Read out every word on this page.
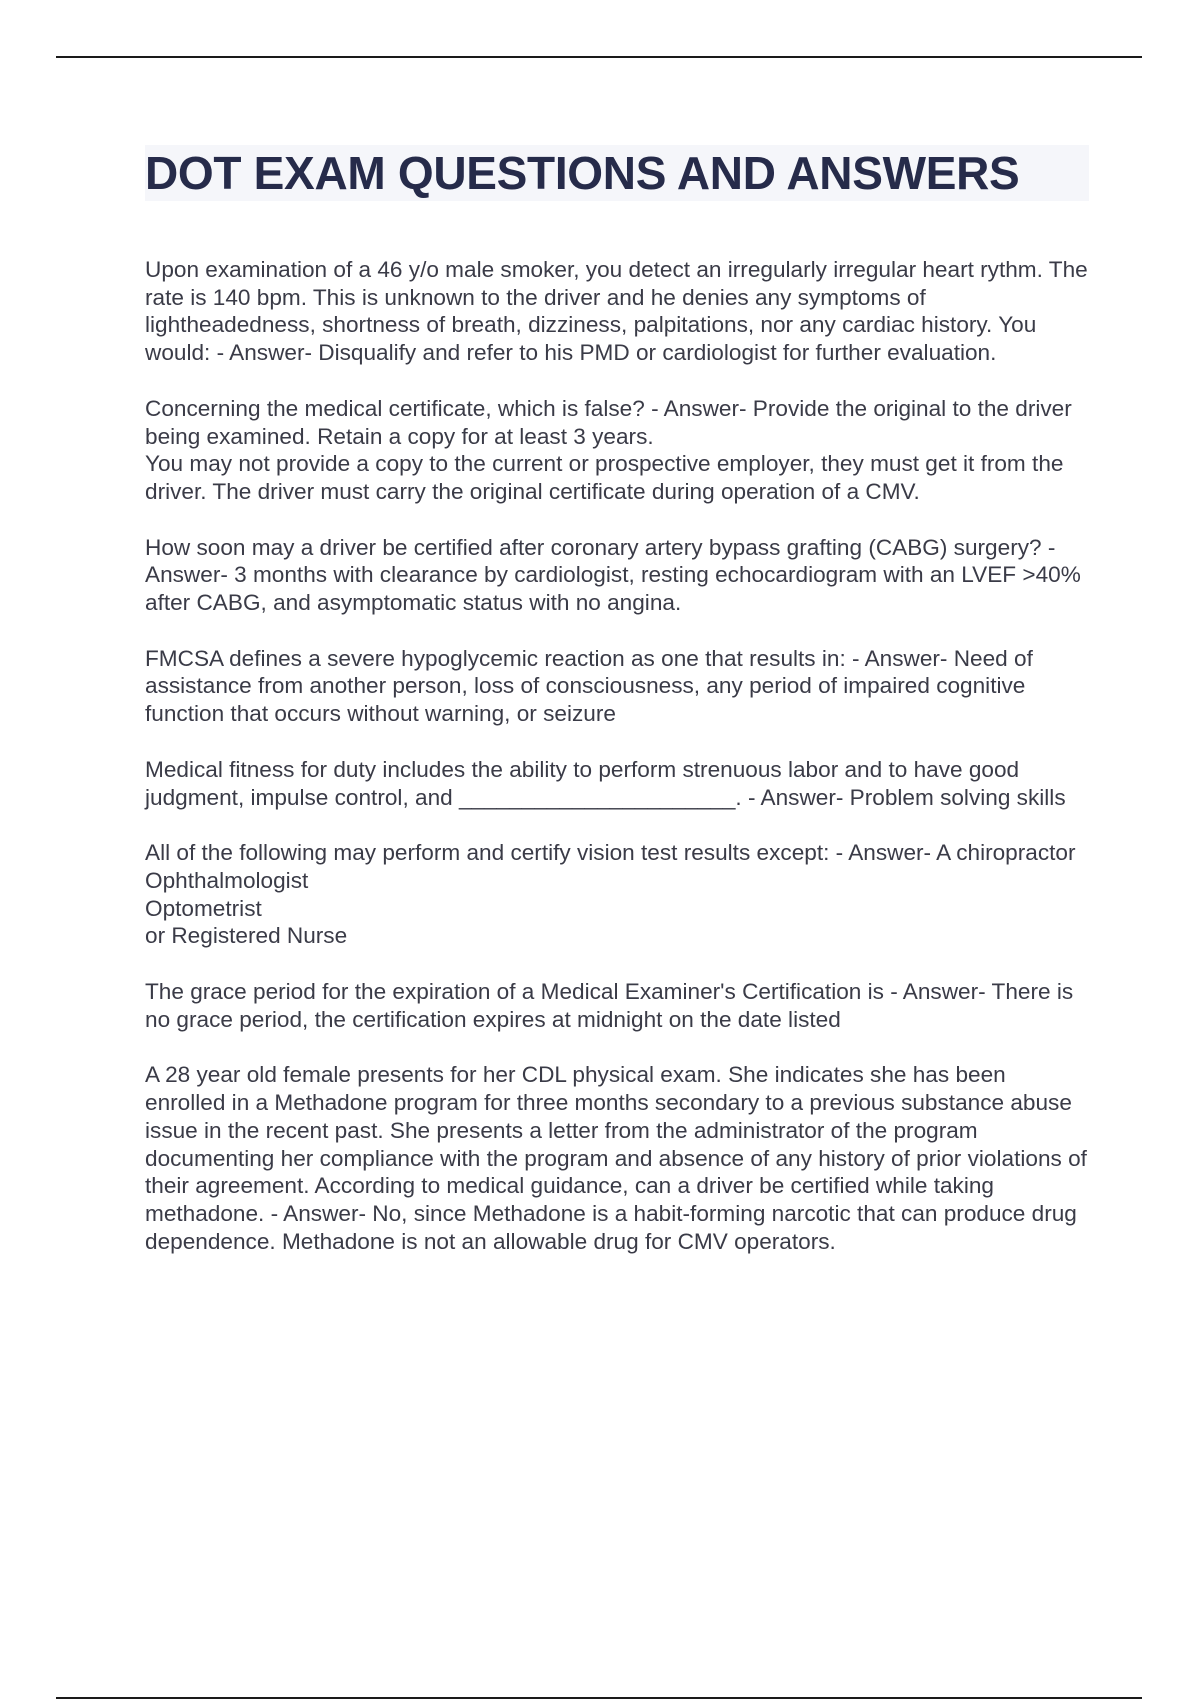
DOT EXAM QUESTIONS AND ANSWERS

Upon examination of a 46 y/o male smoker, you detect an irregularly irregular heart rythm. The rate is 140 bpm. This is unknown to the driver and he denies any symptoms of lightheadedness, shortness of breath, dizziness, palpitations, nor any cardiac history. You would: - Answer- Disqualify and refer to his PMD or cardiologist for further evaluation.

Concerning the medical certificate, which is false? - Answer- Provide the original to the driver being examined. Retain a copy for at least 3 years.
You may not provide a copy to the current or prospective employer, they must get it from the driver. The driver must carry the original certificate during operation of a CMV.

How soon may a driver be certified after coronary artery bypass grafting (CABG) surgery? - Answer- 3 months with clearance by cardiologist, resting echocardiogram with an LVEF >40% after CABG, and asymptomatic status with no angina.

FMCSA defines a severe hypoglycemic reaction as one that results in: - Answer- Need of assistance from another person, loss of consciousness, any period of impaired cognitive function that occurs without warning, or seizure

Medical fitness for duty includes the ability to perform strenuous labor and to have good judgment, impulse control, and ______________________. - Answer- Problem solving skills

All of the following may perform and certify vision test results except: - Answer- A chiropractor
Ophthalmologist
Optometrist
or Registered Nurse

The grace period for the expiration of a Medical Examiner's Certification is - Answer- There is no grace period, the certification expires at midnight on the date listed

A 28 year old female presents for her CDL physical exam. She indicates she has been enrolled in a Methadone program for three months secondary to a previous substance abuse issue in the recent past. She presents a letter from the administrator of the program documenting her compliance with the program and absence of any history of prior violations of their agreement. According to medical guidance, can a driver be certified while taking methadone. - Answer- No, since Methadone is a habit-forming narcotic that can produce drug dependence. Methadone is not an allowable drug for CMV operators.
